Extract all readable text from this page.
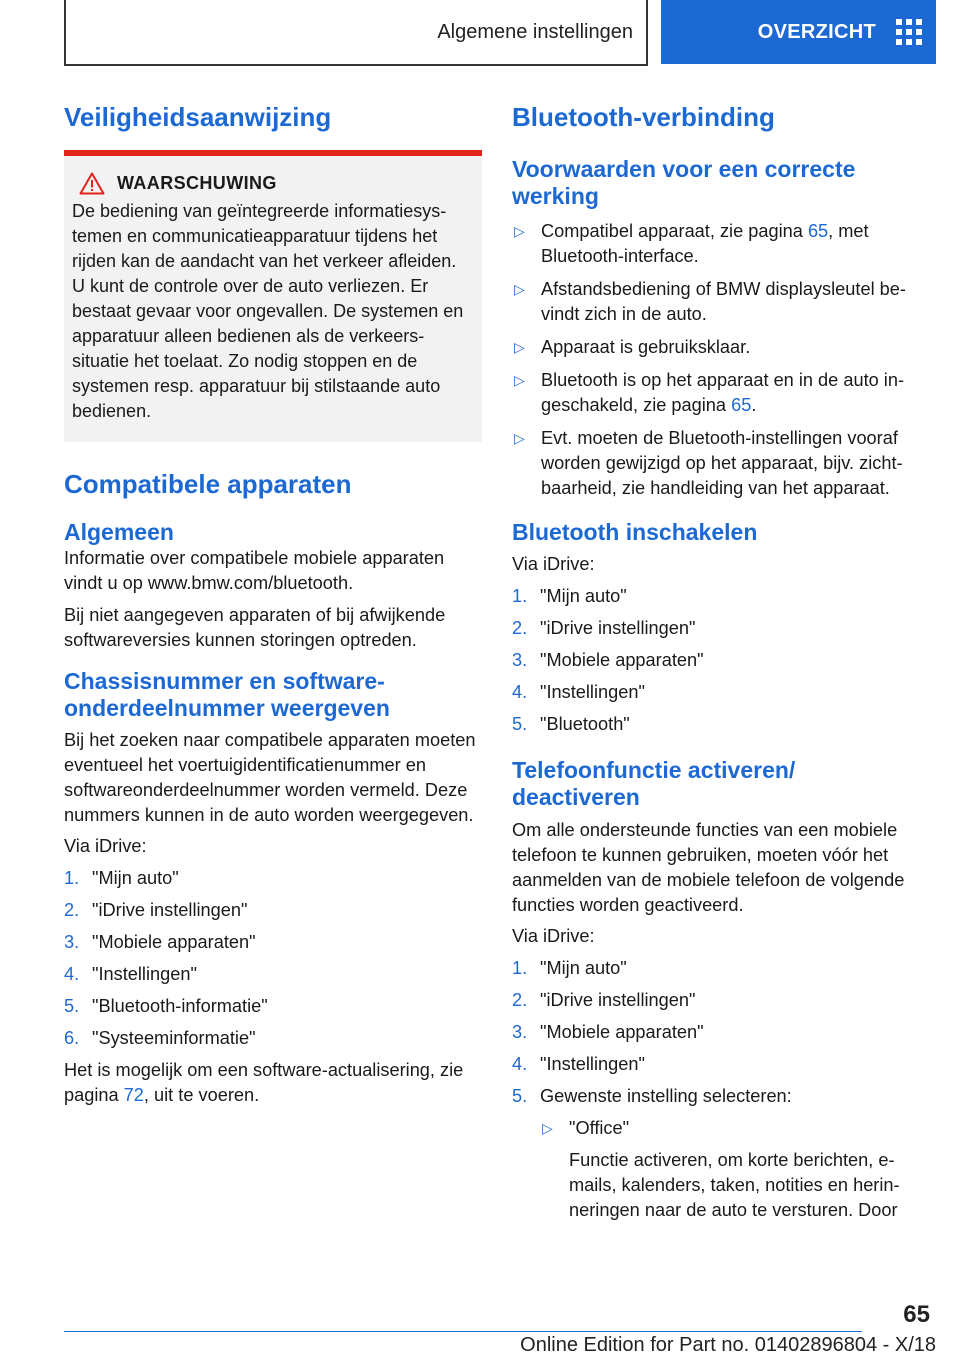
Algemene instellingen	OVERZICHT
Veiligheidsaanwijzing
WAARSCHUWING

De bediening van geïntegreerde informatiesystemen en communicatieapparatuur tijdens het rijden kan de aandacht van het verkeer afleiden. U kunt de controle over de auto verliezen. Er bestaat gevaar voor ongevallen. De systemen en apparatuur alleen bedienen als de verkeerssituatie het toelaat. Zo nodig stoppen en de systemen resp. apparatuur bij stilstaande auto bedienen.

Compatibele apparaten
Algemeen

Informatie over compatibele mobiele apparaten vindt u op www.bmw.com/bluetooth.

Bij niet aangegeven apparaten of bij afwijkende softwareversies kunnen storingen optreden.

Chassisnummer en softwareonderdeelnummer weergeven

Bij het zoeken naar compatibele apparaten moeten eventueel het voertuigidentificatienummer en softwareonderdeelnummer worden vermeld. Deze nummers kunnen in de auto worden weergegeven.

Via iDrive:

1. "Mijn auto"
2. "iDrive instellingen"
3. "Mobiele apparaten"
4. "Instellingen"
5. "Bluetooth-informatie"
6. "Systeeminformatie"

Het is mogelijk om een software-actualisering, zie pagina 72, uit te voeren.

Bluetooth-verbinding
Voorwaarden voor een correcte werking
▷ Compatibel apparaat, zie pagina 65, met Bluetooth-interface.
▷ Afstandsbediening of BMW displaysleutel bevindt zich in de auto.
▷ Apparaat is gebruiksklaar.
▷ Bluetooth is op het apparaat en in de auto ingeschakeld, zie pagina 65.
▷ Evt. moeten de Bluetooth-instellingen vooraf worden gewijzigd op het apparaat, bijv. zichtbaarheid, zie handleiding van het apparaat.
Bluetooth inschakelen

Via iDrive:

1. "Mijn auto"
2. "iDrive instellingen"
3. "Mobiele apparaten"
4. "Instellingen"
5. "Bluetooth"
Telefoonfunctie activeren/ deactiveren

Om alle ondersteunde functies van een mobiele telefoon te kunnen gebruiken, moeten vóór het aanmelden van de mobiele telefoon de volgende functies worden geactiveerd.

Via iDrive:

1. "Mijn auto"
2. "iDrive instellingen"
3. "Mobiele apparaten"
4. "Instellingen"
5. Gewenste instelling selecteren:
▷ "Office"
Functie activeren, om korte berichten, e-mails, kalenders, taken, notities en herinneringen naar de auto te versturen. Door
65
Online Edition for Part no. 01402896804 - X/18
